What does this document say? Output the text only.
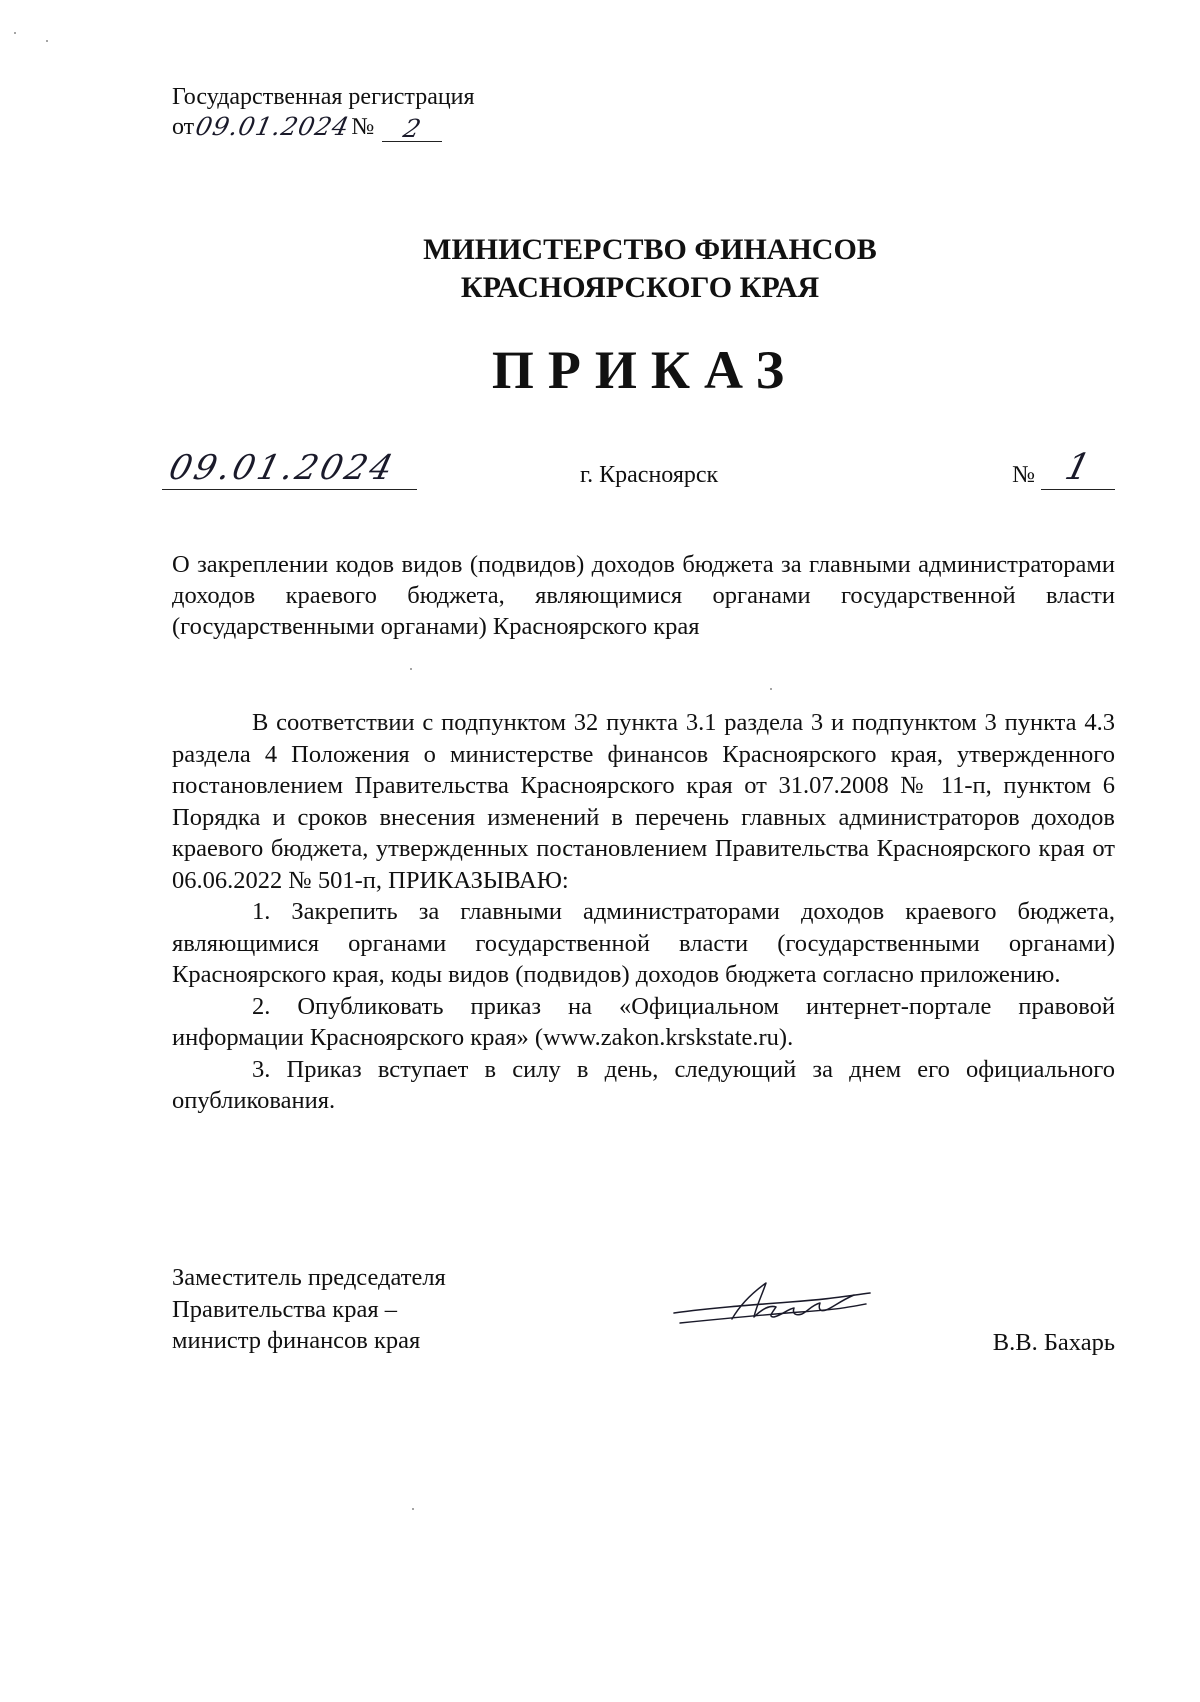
Государственная регистрация
от 09.01.2024
№	2
МИНИСТЕРСТВО ФИНАНСОВ
КРАСНОЯРСКОГО КРАЯ
ПРИКАЗ
09.01.2024	г. Красноярск	№ 1
О закреплении кодов видов (подвидов) доходов бюджета за главными администраторами доходов краевого бюджета, являющимися органами государственной власти (государственными органами) Красноярского края

В соответствии с подпунктом 32 пункта 3.1 раздела 3 и подпунктом 3 пункта 4.3 раздела 4 Положения о министерстве финансов Красноярского края, утвержденного постановлением Правительства Красноярского края от 31.07.2008 № 11-п, пунктом 6 Порядка и сроков внесения изменений в перечень главных администраторов доходов краевого бюджета, утвержденных постановлением Правительства Красноярского края от 06.06.2022 № 501-п, ПРИКАЗЫВАЮ:

1. Закрепить за главными администраторами доходов краевого бюджета, являющимися органами государственной власти (государственными органами) Красноярского края, коды видов (подвидов) доходов бюджета согласно приложению.

2. Опубликовать приказ на «Официальном интернет-портале правовой информации Красноярского края» (www.zakon.krskstate.ru).

3. Приказ вступает в силу в день, следующий за днем его официального опубликования.

Заместитель председателя
Правительства края –
министр финансов края	В.В. Бахарь
